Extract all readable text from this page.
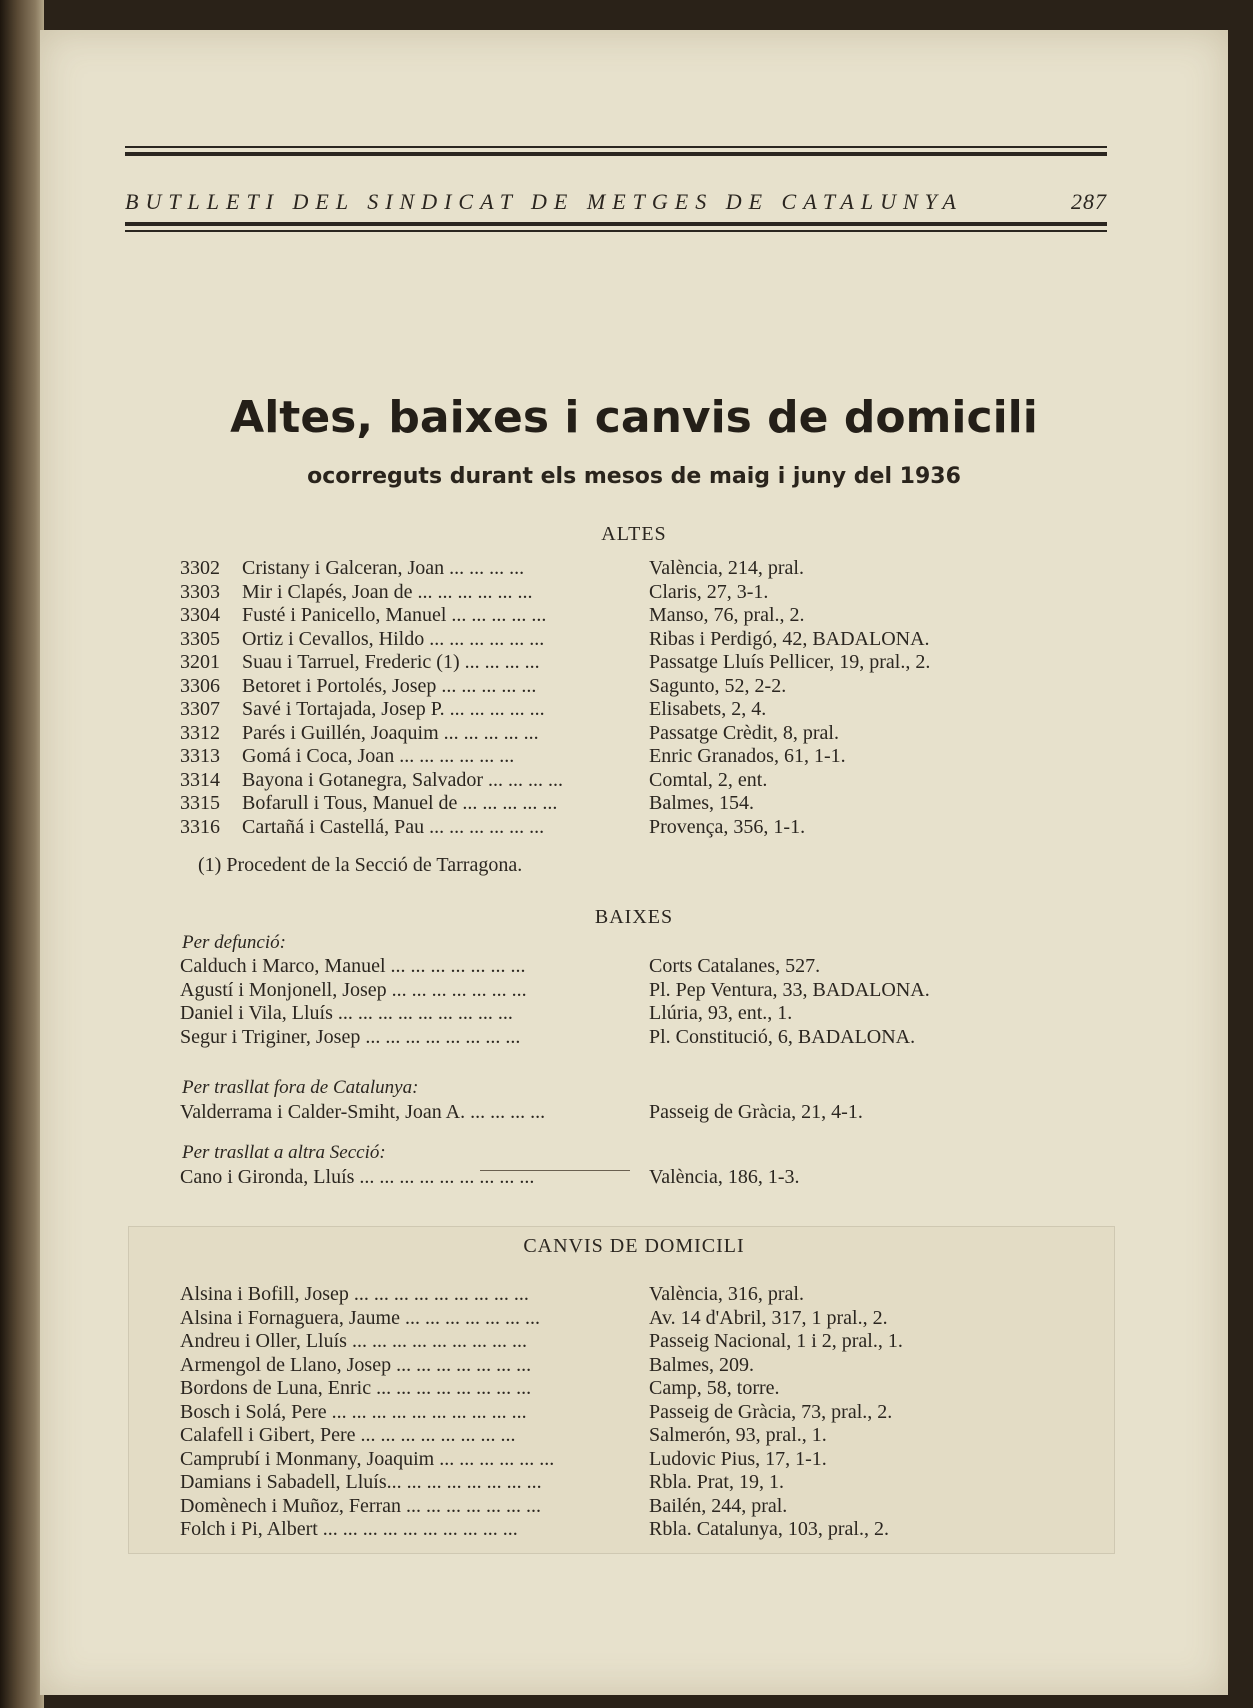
BUTLLETI DEL SINDICAT DE METGES DE CATALUNYA	287
Altes, baixes i canvis de domicili
ocorreguts durant els mesos de maig i juny del 1936
ALTES
3302	Cristany i Galceran, Joan ... ... ... ...	València, 214, pral.
3303	Mir i Clapés, Joan de ... ... ... ... ... ...	Claris, 27, 3-1.
3304	Fusté i Panicello, Manuel ... ... ... ... ...	Manso, 76, pral., 2.
3305	Ortiz i Cevallos, Hildo ... ... ... ... ... ...	Ribas i Perdigó, 42, BADALONA.
3201	Suau i Tarruel, Frederic (1) ... ... ... ...	Passatge Lluís Pellicer, 19, pral., 2.
3306	Betoret i Portolés, Josep ... ... ... ... ...	Sagunto, 52, 2-2.
3307	Savé i Tortajada, Josep P. ... ... ... ... ...	Elisabets, 2, 4.
3312	Parés i Guillén, Joaquim ... ... ... ... ...	Passatge Crèdit, 8, pral.
3313	Gomá i Coca, Joan ... ... ... ... ... ...	Enric Granados, 61, 1-1.
3314	Bayona i Gotanegra, Salvador ... ... ... ...	Comtal, 2, ent.
3315	Bofarull i Tous, Manuel de ... ... ... ... ...	Balmes, 154.
3316	Cartañá i Castellá, Pau ... ... ... ... ... ...	Provença, 356, 1-1.
(1) Procedent de la Secció de Tarragona.
BAIXES
Per defunció:
Calduch i Marco, Manuel ... ... ... ... ... ... ...	Corts Catalanes, 527.
Agustí i Monjonell, Josep ... ... ... ... ... ... ...	Pl. Pep Ventura, 33, BADALONA.
Daniel i Vila, Lluís ... ... ... ... ... ... ... ... ...	Llúria, 93, ent., 1.
Segur i Triginer, Josep ... ... ... ... ... ... ... ...	Pl. Constitució, 6, BADALONA.
Per trasllat fora de Catalunya:
Valderrama i Calder-Smiht, Joan A. ... ... ... ...	Passeig de Gràcia, 21, 4-1.
Per trasllat a altra Secció:
Cano i Gironda, Lluís ... ... ... ... ... ... ... ... ...	València, 186, 1-3.
CANVIS DE DOMICILI
Alsina i Bofill, Josep ... ... ... ... ... ... ... ... ...	València, 316, pral.
Alsina i Fornaguera, Jaume ... ... ... ... ... ... ...	Av. 14 d'Abril, 317, 1 pral., 2.
Andreu i Oller, Lluís ... ... ... ... ... ... ... ... ...	Passeig Nacional, 1 i 2, pral., 1.
Armengol de Llano, Josep ... ... ... ... ... ... ...	Balmes, 209.
Bordons de Luna, Enric ... ... ... ... ... ... ... ...	Camp, 58, torre.
Bosch i Solá, Pere ... ... ... ... ... ... ... ... ... ...	Passeig de Gràcia, 73, pral., 2.
Calafell i Gibert, Pere ... ... ... ... ... ... ... ...	Salmerón, 93, pral., 1.
Camprubí i Monmany, Joaquim ... ... ... ... ... ...	Ludovic Pius, 17, 1-1.
Damians i Sabadell, Lluís... ... ... ... ... ... ... ...	Rbla. Prat, 19, 1.
Domènech i Muñoz, Ferran ... ... ... ... ... ... ...	Bailén, 244, pral.
Folch i Pi, Albert ... ... ... ... ... ... ... ... ... ...	Rbla. Catalunya, 103, pral., 2.
